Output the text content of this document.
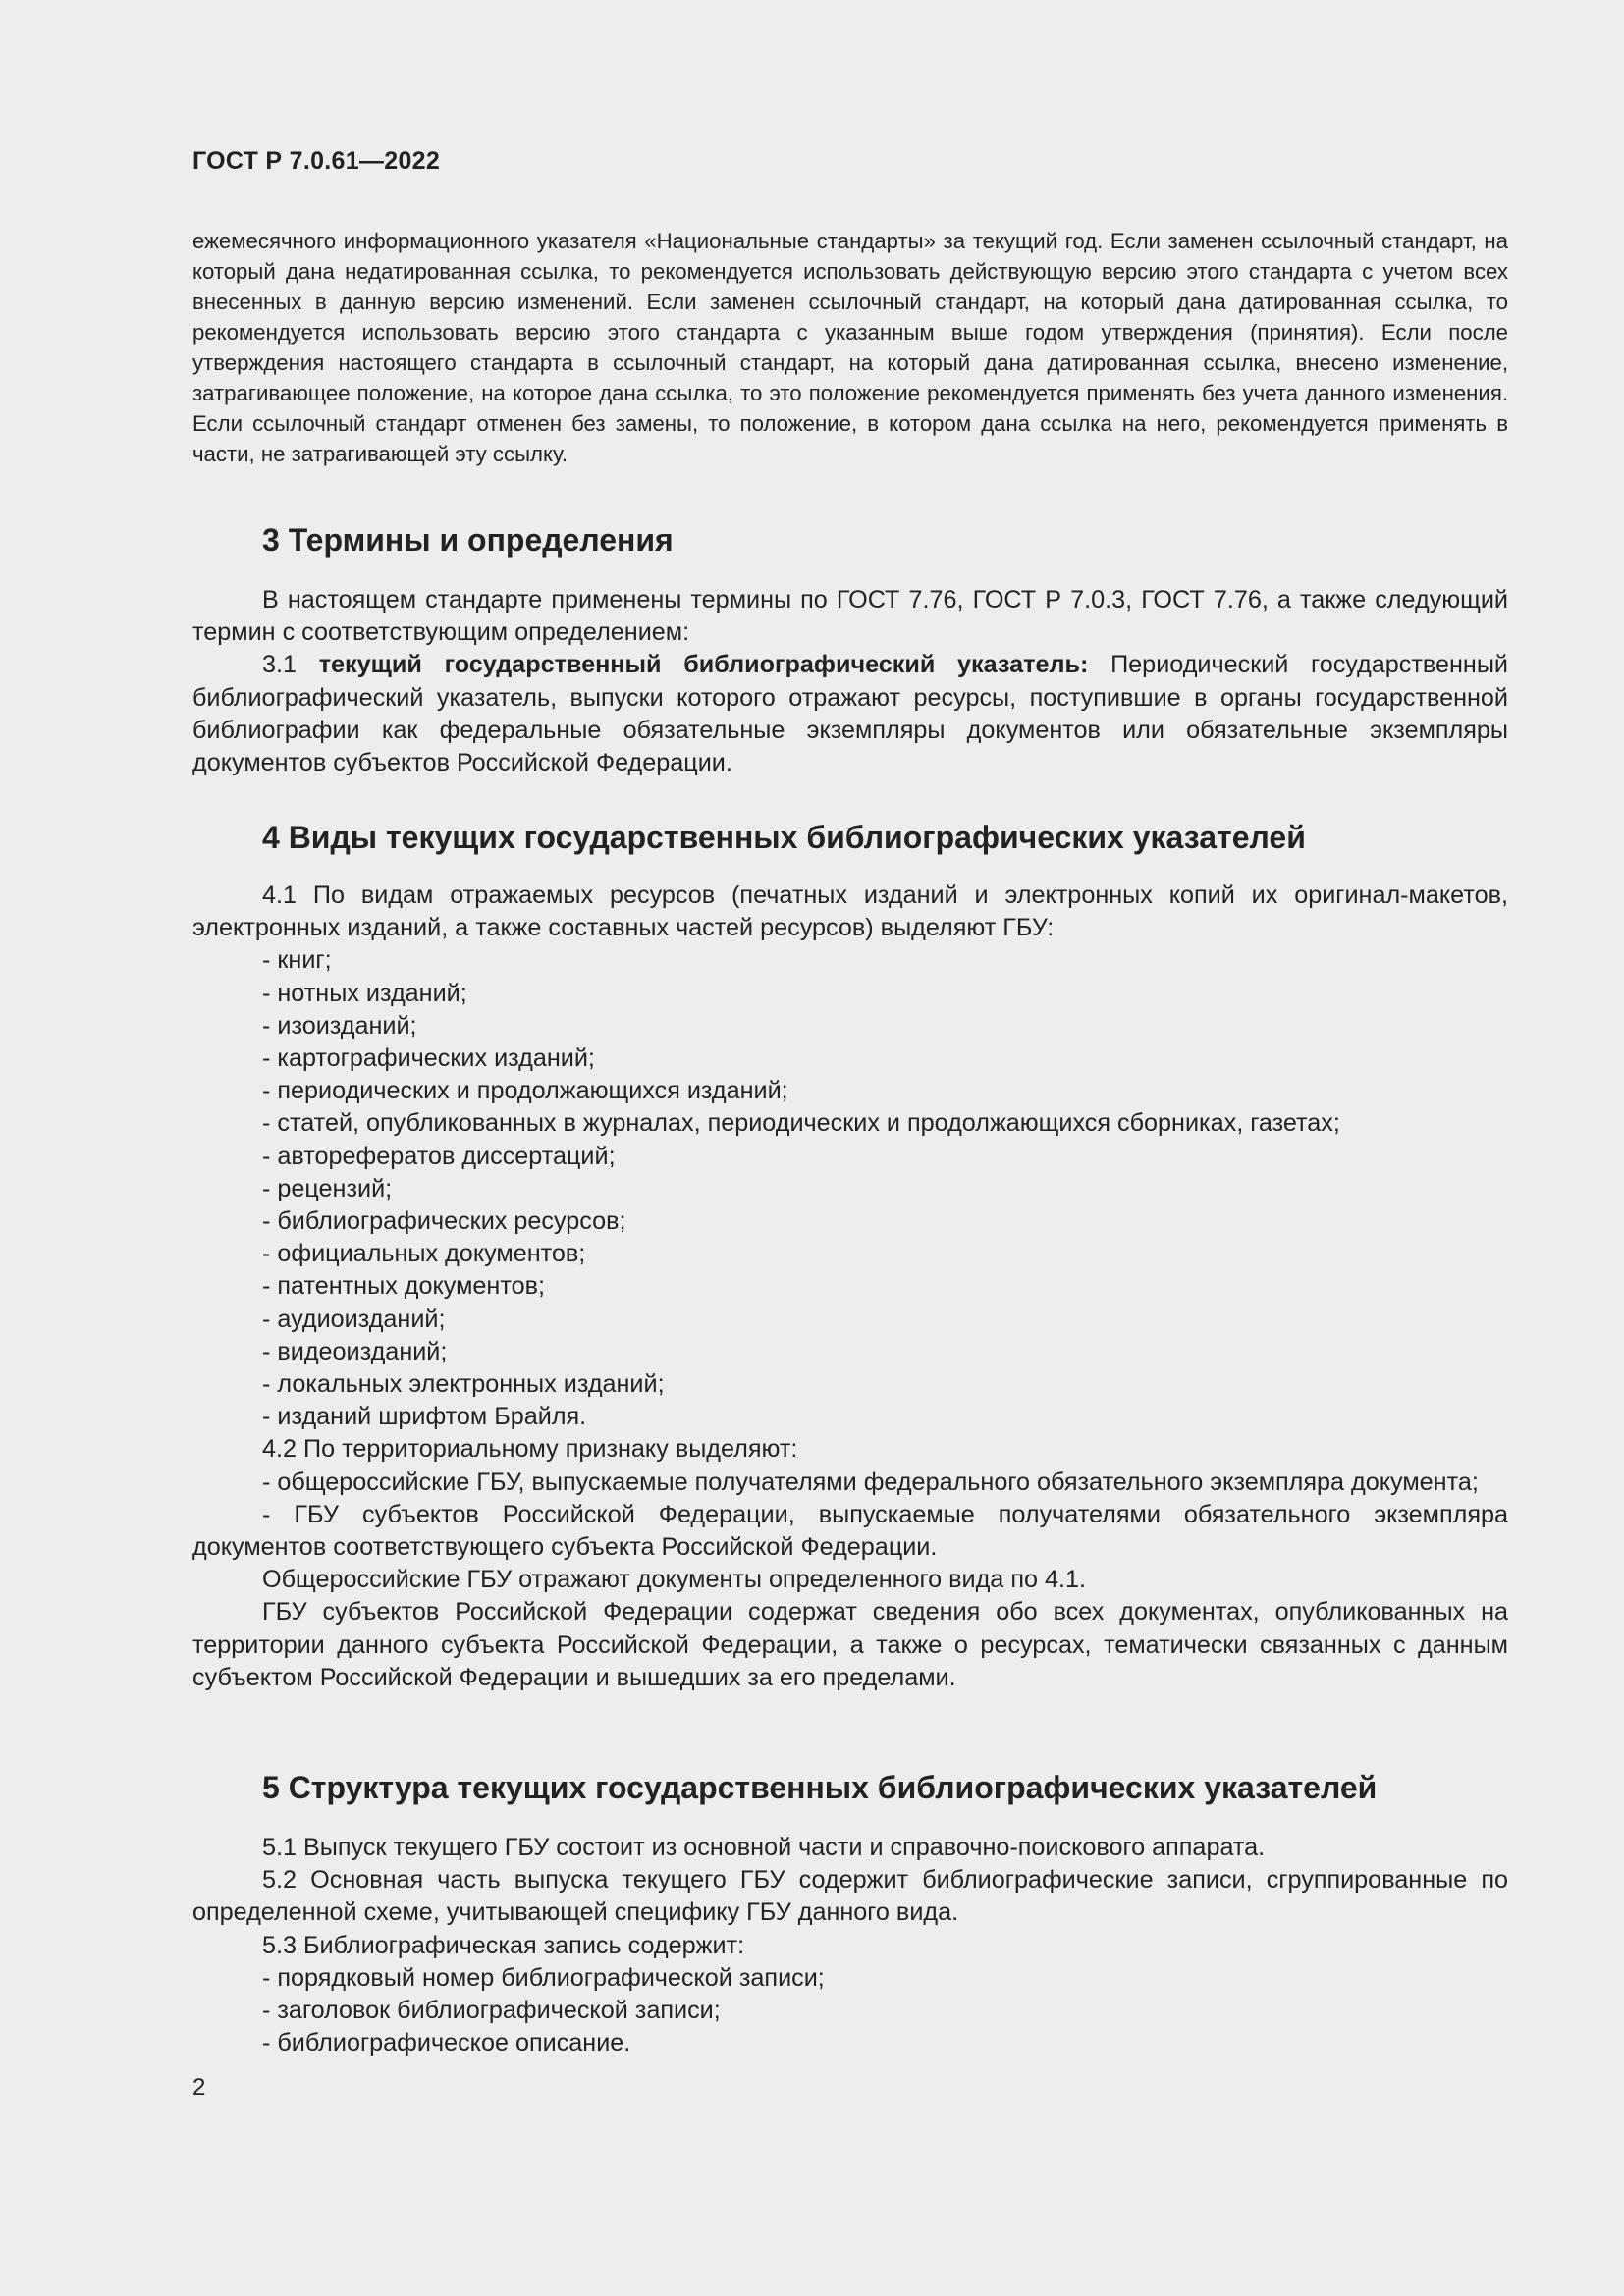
ГОСТ Р 7.0.61—2022
ежемесячного информационного указателя «Национальные стандарты» за текущий год. Если заменен ссылочный стандарт, на который дана недатированная ссылка, то рекомендуется использовать действующую версию этого стандарта с учетом всех внесенных в данную версию изменений. Если заменен ссылочный стандарт, на который дана датированная ссылка, то рекомендуется использовать версию этого стандарта с указанным выше годом утверждения (принятия). Если после утверждения настоящего стандарта в ссылочный стандарт, на который дана датированная ссылка, внесено изменение, затрагивающее положение, на которое дана ссылка, то это положение рекомендуется применять без учета данного изменения. Если ссылочный стандарт отменен без замены, то положение, в котором дана ссылка на него, рекомендуется применять в части, не затрагивающей эту ссылку.
3 Термины и определения

В настоящем стандарте применены термины по ГОСТ 7.76, ГОСТ Р 7.0.3, ГОСТ 7.76, а также следующий термин с соответствующим определением:

3.1 текущий государственный библиографический указатель: Периодический государственный библиографический указатель, выпуски которого отражают ресурсы, поступившие в органы государственной библиографии как федеральные обязательные экземпляры документов или обязательные экземпляры документов субъектов Российской Федерации.

4 Виды текущих государственных библиографических указателей

4.1 По видам отражаемых ресурсов (печатных изданий и электронных копий их оригинал-макетов, электронных изданий, а также составных частей ресурсов) выделяют ГБУ:

- книг;

- нотных изданий;

- изоизданий;

- картографических изданий;

- периодических и продолжающихся изданий;

- статей, опубликованных в журналах, периодических и продолжающихся сборниках, газетах;

- авторефератов диссертаций;

- рецензий;

- библиографических ресурсов;

- официальных документов;

- патентных документов;

- аудиоизданий;

- видеоизданий;

- локальных электронных изданий;

- изданий шрифтом Брайля.

4.2 По территориальному признаку выделяют:

- общероссийские ГБУ, выпускаемые получателями федерального обязательного экземпляра документа;

- ГБУ субъектов Российской Федерации, выпускаемые получателями обязательного экземпляра документов соответствующего субъекта Российской Федерации.

Общероссийские ГБУ отражают документы определенного вида по 4.1.

ГБУ субъектов Российской Федерации содержат сведения обо всех документах, опубликованных на территории данного субъекта Российской Федерации, а также о ресурсах, тематически связанных с данным субъектом Российской Федерации и вышедших за его пределами.

5 Структура текущих государственных библиографических указателей

5.1 Выпуск текущего ГБУ состоит из основной части и справочно-поискового аппарата.

5.2 Основная часть выпуска текущего ГБУ содержит библиографические записи, сгруппированные по определенной схеме, учитывающей специфику ГБУ данного вида.

5.3 Библиографическая запись содержит:

- порядковый номер библиографической записи;

- заголовок библиографической записи;

- библиографическое описание.

2
